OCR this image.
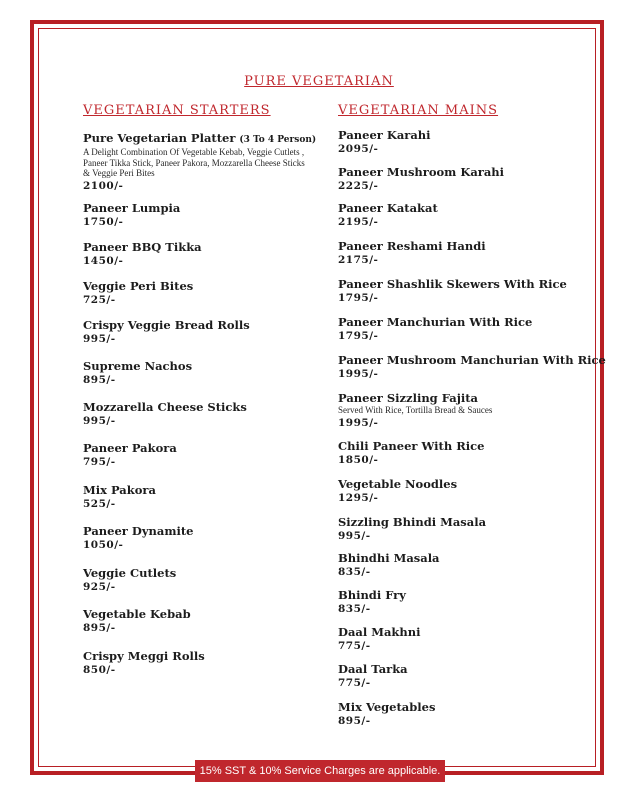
PURE VEGETARIAN
VEGETARIAN STARTERS	VEGETARIAN MAINS
Pure Vegetarian Platter (3 To 4 Person)
A Delight Combination Of Vegetable Kebab, Veggie Cutlets , Paneer Tikka Stick, Paneer Pakora, Mozzarella Cheese Sticks & Veggie Peri Bites
2100/-
Paneer Lumpia
1750/-
Paneer BBQ Tikka
1450/-
Veggie Peri Bites
725/-
Crispy Veggie Bread Rolls
995/-
Supreme Nachos
895/-
Mozzarella Cheese Sticks
995/-
Paneer Pakora
795/-
Mix Pakora
525/-
Paneer Dynamite
1050/-
Veggie Cutlets
925/-
Vegetable Kebab
895/-
Crispy Meggi Rolls
850/-
Paneer Karahi
2095/-
Paneer Mushroom Karahi
2225/-
Paneer Katakat
2195/-
Paneer Reshami Handi
2175/-
Paneer Shashlik Skewers With Rice
1795/-
Paneer Manchurian With Rice
1795/-
Paneer Mushroom Manchurian With Rice
1995/-
Paneer Sizzling Fajita
Served With Rice, Tortilla Bread & Sauces
1995/-
Chili Paneer With Rice
1850/-
Vegetable Noodles
1295/-
Sizzling Bhindi Masala
995/-
Bhindhi Masala
835/-
Bhindi Fry
835/-
Daal Makhni
775/-
Daal Tarka
775/-
Mix Vegetables
895/-
15% SST & 10% Service Charges are applicable.
